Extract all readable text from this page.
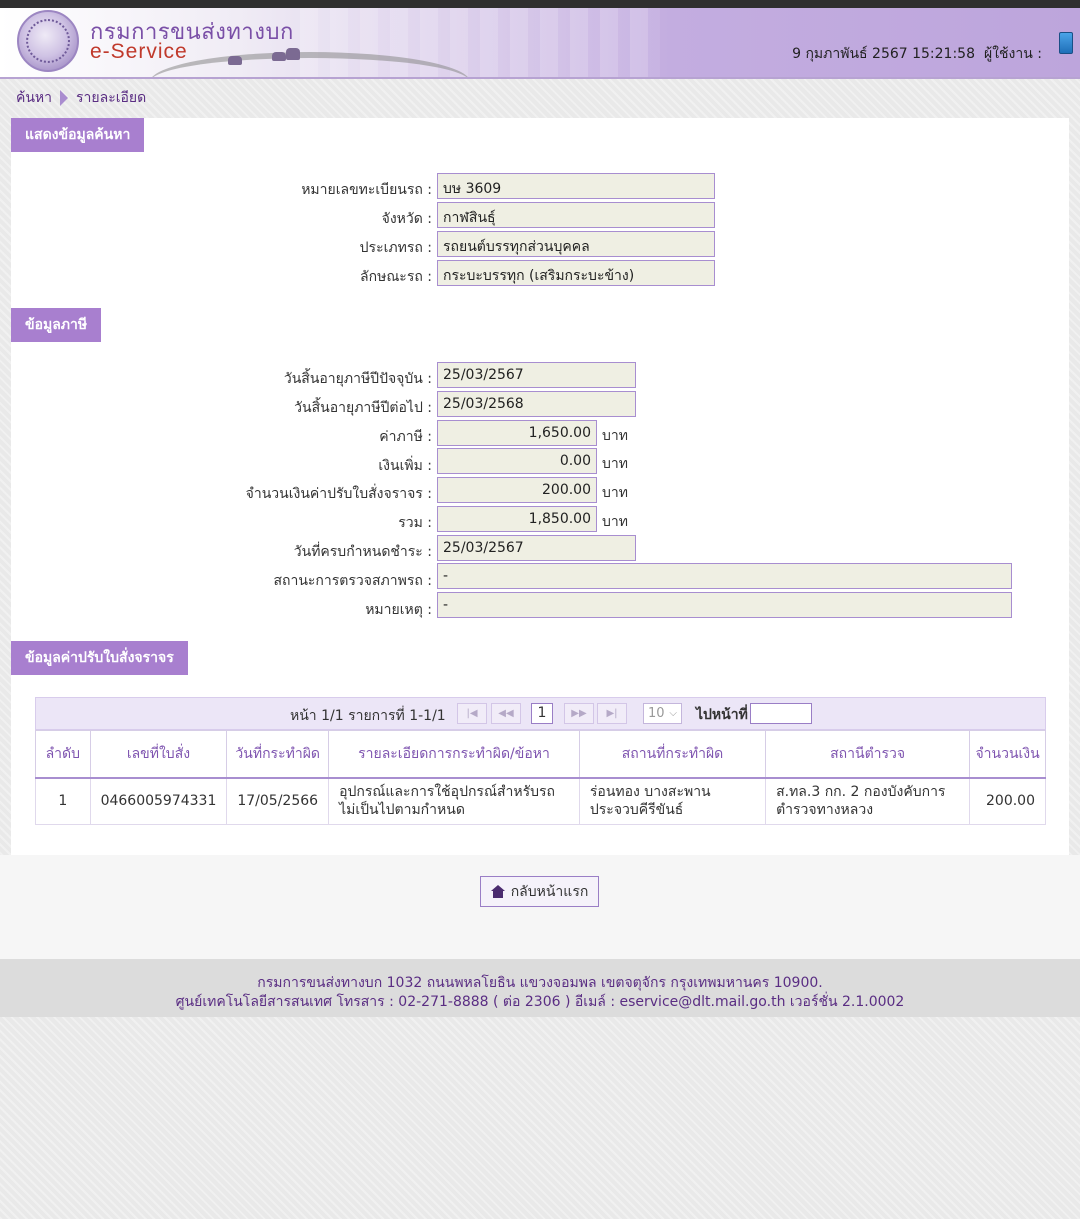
กรมการขนส่งทางบก
e-Service	9 กุมภาพันธ์ 2567 15:21:58 ผู้ใช้งาน :
ค้นหา รายละเอียด
แสดงข้อมูลค้นหา
หมายเลขทะเบียนรถ : บษ 3609
จังหวัด : กาฬสินธุ์
ประเภทรถ : รถยนต์บรรทุกส่วนบุคคล
ลักษณะรถ : กระบะบรรทุก (เสริมกระบะข้าง)
ข้อมูลภาษี
วันสิ้นอายุภาษีปีปัจจุบัน : 25/03/2567
วันสิ้นอายุภาษีปีต่อไป : 25/03/2568
ค่าภาษี :	1,650.00 บาท
เงินเพิ่ม :	0.00 บาท
จำนวนเงินค่าปรับใบสั่งจราจร :	200.00 บาท
รวม :	1,850.00 บาท
วันที่ครบกำหนดชำระ : 25/03/2567
สถานะการตรวจสภาพรถ : -
หมายเหตุ : -
ข้อมูลค่าปรับใบสั่งจราจร
หน้า 1/1 รายการที่ 1-1/1	|◀	◀◀	1	▶▶	▶|	10 ⌵ ไปหน้าที่
ลำดับ	เลขที่ใบสั่ง	วันที่กระทำผิด	รายละเอียดการกระทำผิด/ข้อหา	สถานที่กระทำผิด	สถานีตำรวจ	จำนวนเงิน
1	0466005974331	17/05/2566	อุปกรณ์และการใช้อุปกรณ์สำหรับรถไม่เป็นไปตามกำหนด	ร่อนทอง บางสะพาน ประจวบคีรีขันธ์	ส.ทล.3 กก. 2 กองบังคับการตำรวจทางหลวง	200.00
กลับหน้าแรก
กรมการขนส่งทางบก 1032 ถนนพหลโยธิน แขวงจอมพล เขตจตุจักร กรุงเทพมหานคร 10900.
ศูนย์เทคโนโลยีสารสนเทศ โทรสาร : 02-271-8888 ( ต่อ 2306 ) อีเมล์ : eservice@dlt.mail.go.th เวอร์ชั่น 2.1.0002
